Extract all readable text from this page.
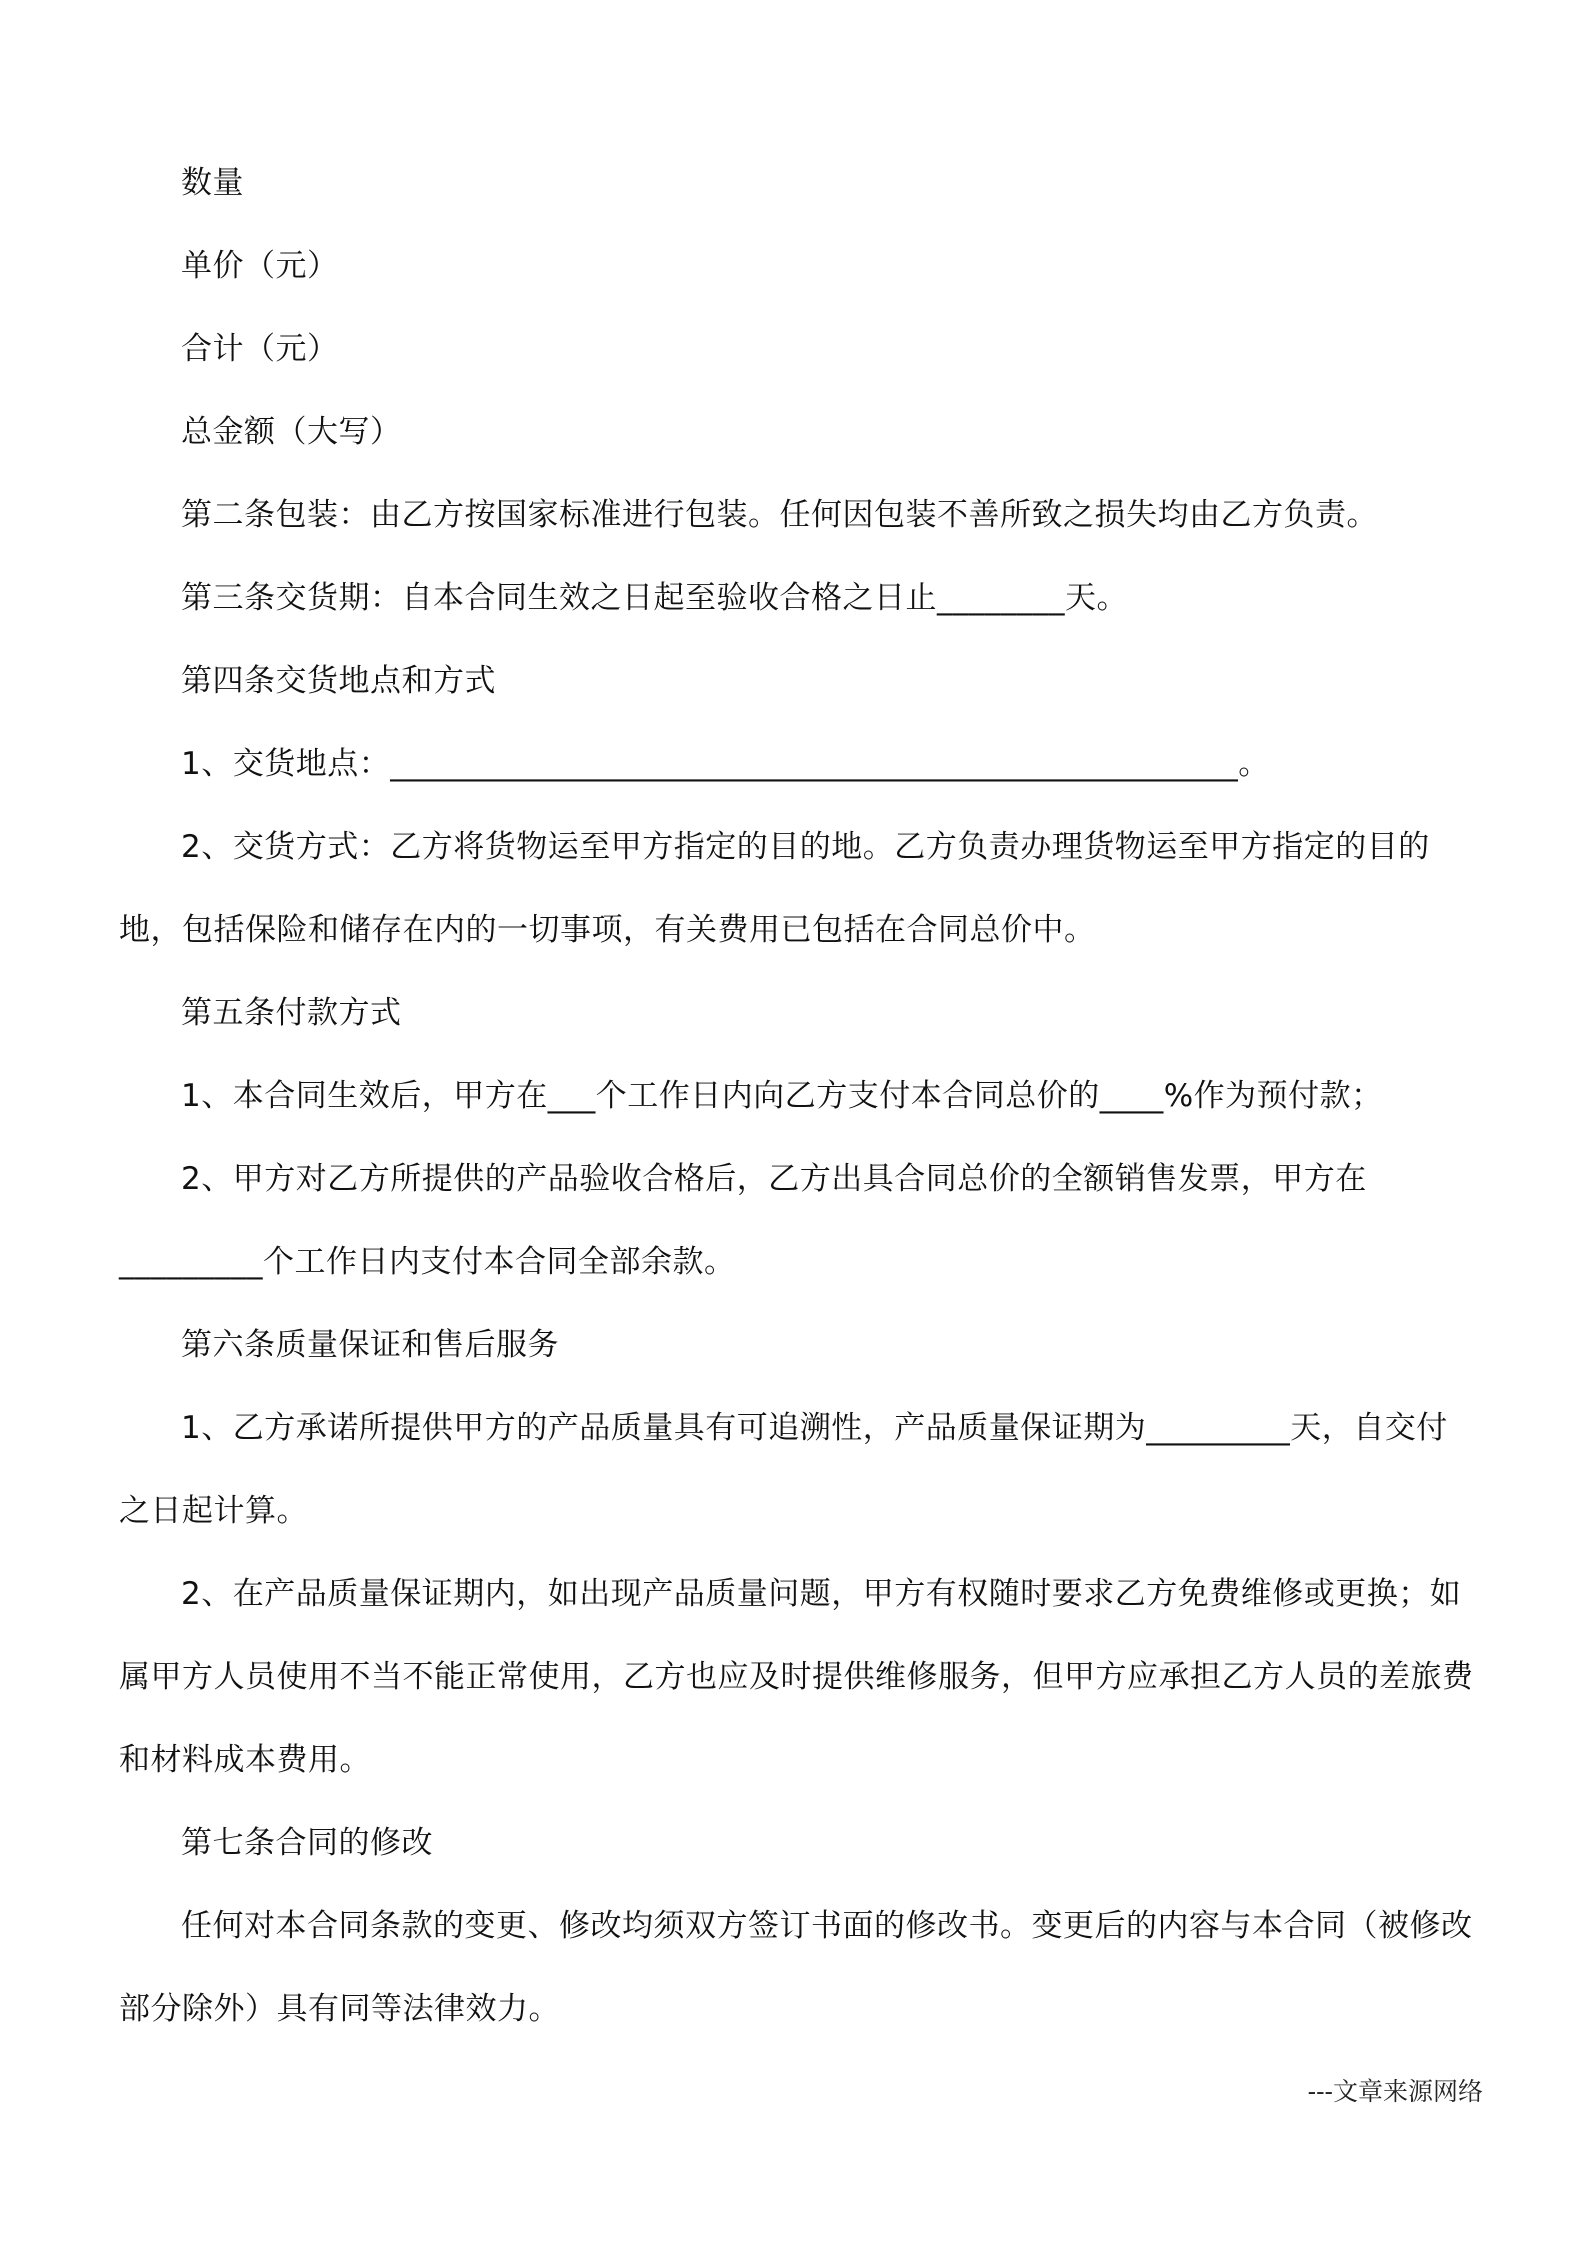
数量

单价（元）

合计（元）

总金额（大写）

第二条包装：由乙方按国家标准进行包装。任何因包装不善所致之损失均由乙方负责。

第三条交货期：自本合同生效之日起至验收合格之日止________天。

第四条交货地点和方式

1、交货地点：_____________________________________________________。

2、交货方式：乙方将货物运至甲方指定的目的地。乙方负责办理货物运至甲方指定的目的地，包括保险和储存在内的一切事项，有关费用已包括在合同总价中。

第五条付款方式

1、本合同生效后，甲方在___个工作日内向乙方支付本合同总价的____%作为预付款；

2、甲方对乙方所提供的产品验收合格后，乙方出具合同总价的全额销售发票，甲方在_________个工作日内支付本合同全部余款。

第六条质量保证和售后服务

1、乙方承诺所提供甲方的产品质量具有可追溯性，产品质量保证期为_________天，自交付之日起计算。

2、在产品质量保证期内，如出现产品质量问题，甲方有权随时要求乙方免费维修或更换；如属甲方人员使用不当不能正常使用，乙方也应及时提供维修服务，但甲方应承担乙方人员的差旅费和材料成本费用。

第七条合同的修改

任何对本合同条款的变更、修改均须双方签订书面的修改书。变更后的内容与本合同（被修改部分除外）具有同等法律效力。

---文章来源网络
